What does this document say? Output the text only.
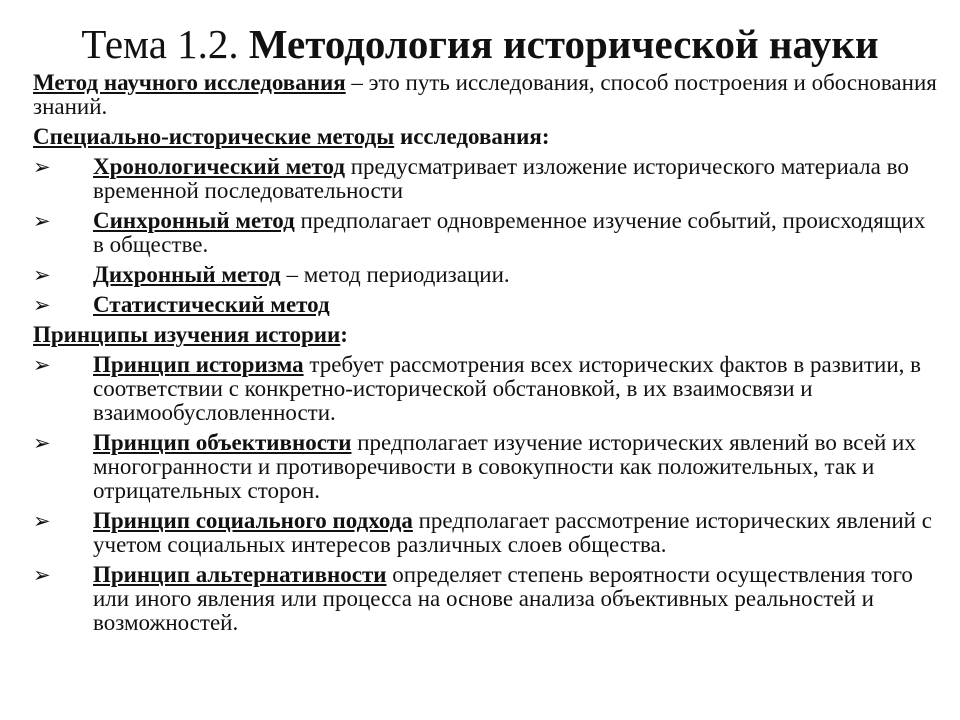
Тема 1.2. Методология исторической науки

Метод научного исследования – это путь исследования, способ построения и обоснования знаний.

Специально-исторические методы исследования:

➢	Хронологический метод предусматривает изложение исторического материала во временной последовательности
➢	Синхронный метод предполагает одновременное изучение событий, происходящих в обществе.
➢	Дихронный метод – метод периодизации.
➢	Статистический метод

Принципы изучения истории:

➢	Принцип историзма требует рассмотрения всех исторических фактов в развитии, в соответствии с конкретно-исторической обстановкой, в их взаимосвязи и взаимообусловленности.
➢	Принцип объективности предполагает изучение исторических явлений во всей их многогранности и противоречивости в совокупности как положительных, так и отрицательных сторон.
➢	Принцип социального подхода предполагает рассмотрение исторических явлений с учетом социальных интересов различных слоев общества.
➢	Принцип альтернативности определяет степень вероятности осуществления того или иного явления или процесса на основе анализа объективных реальностей и возможностей.
